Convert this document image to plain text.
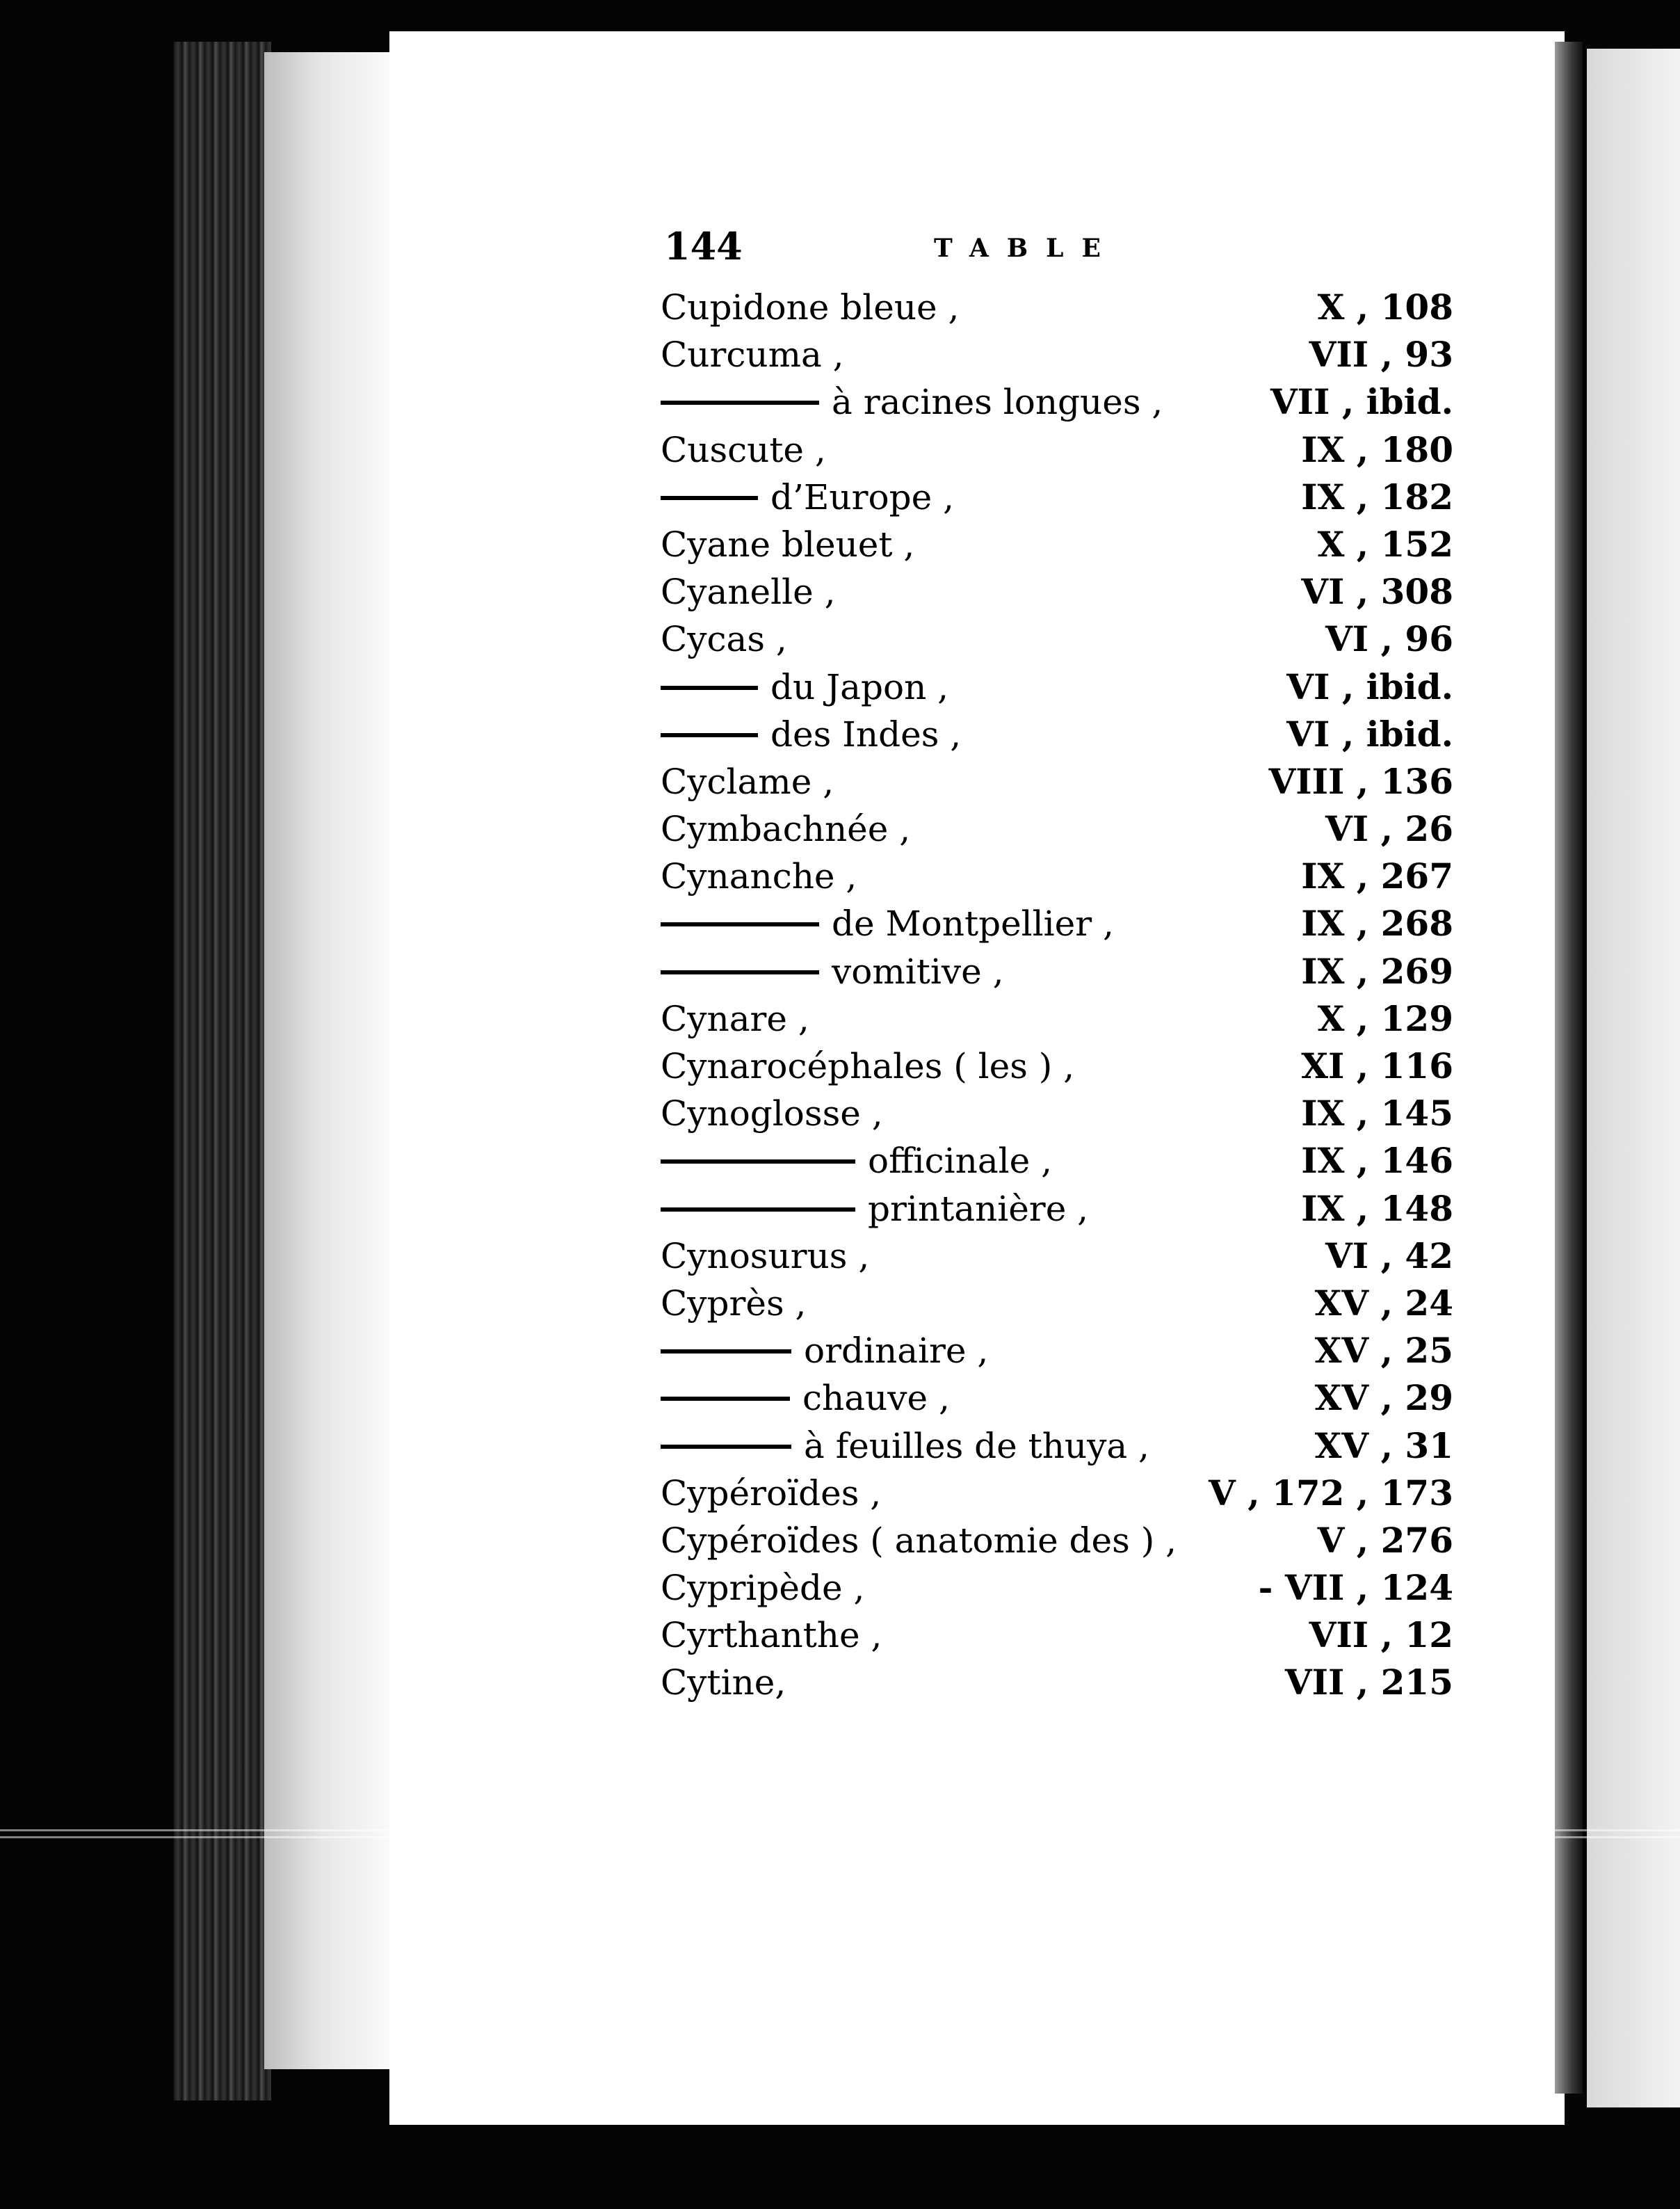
144	TABLE
Cupidone bleue ,	X , 108
Curcuma ,	VII , 93
à racines longues ,	VII , ibid.
Cuscute ,	IX , 180
d’Europe ,	IX , 182
Cyane bleuet ,	X , 152
Cyanelle ,	VI , 308
Cycas ,	VI , 96
du Japon ,	VI , ibid.
des Indes ,	VI , ibid.
Cyclame ,	VIII , 136
Cymbachnée ,	VI , 26
Cynanche ,	IX , 267
de Montpellier ,	IX , 268
vomitive ,	IX , 269
Cynare ,	X , 129
Cynarocéphales ( les ) ,	XI , 116
Cynoglosse ,	IX , 145
officinale ,	IX , 146
printanière ,	IX , 148
Cynosurus ,	VI , 42
Cyprès ,	XV , 24
ordinaire ,	XV , 25
chauve ,	XV , 29
à feuilles de thuya ,	XV , 31
Cypéroïdes ,	V , 172 , 173
Cypéroïdes ( anatomie des ) ,	V , 276
Cypripède ,	- VII , 124
Cyrthanthe ,	VII , 12
Cytine,	VII , 215
